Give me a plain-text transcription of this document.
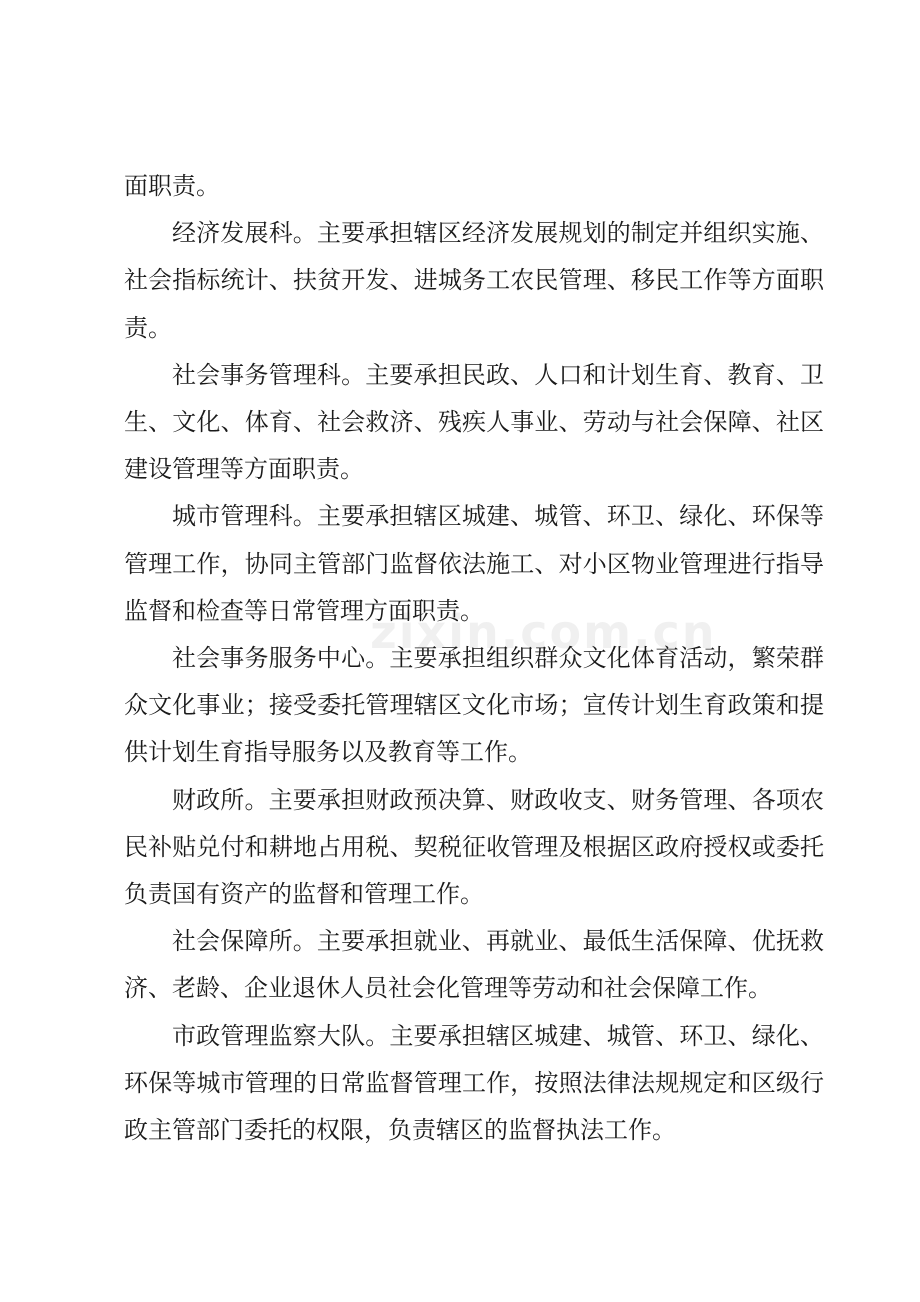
面职责。

经济发展科。主要承担辖区经济发展规划的制定并组织实施、社会指标统计、扶贫开发、进城务工农民管理、移民工作等方面职责。

社会事务管理科。主要承担民政、人口和计划生育、教育、卫生、文化、体育、社会救济、残疾人事业、劳动与社会保障、社区建设管理等方面职责。

城市管理科。主要承担辖区城建、城管、环卫、绿化、环保等管理工作，协同主管部门监督依法施工、对小区物业管理进行指导监督和检查等日常管理方面职责。

社会事务服务中心。主要承担组织群众文化体育活动，繁荣群众文化事业；接受委托管理辖区文化市场；宣传计划生育政策和提供计划生育指导服务以及教育等工作。

财政所。主要承担财政预决算、财政收支、财务管理、各项农民补贴兑付和耕地占用税、契税征收管理及根据区政府授权或委托负责国有资产的监督和管理工作。

社会保障所。主要承担就业、再就业、最低生活保障、优抚救济、老龄、企业退休人员社会化管理等劳动和社会保障工作。

市政管理监察大队。主要承担辖区城建、城管、环卫、绿化、环保等城市管理的日常监督管理工作，按照法律法规规定和区级行政主管部门委托的权限，负责辖区的监督执法工作。

zixin.com.cn
